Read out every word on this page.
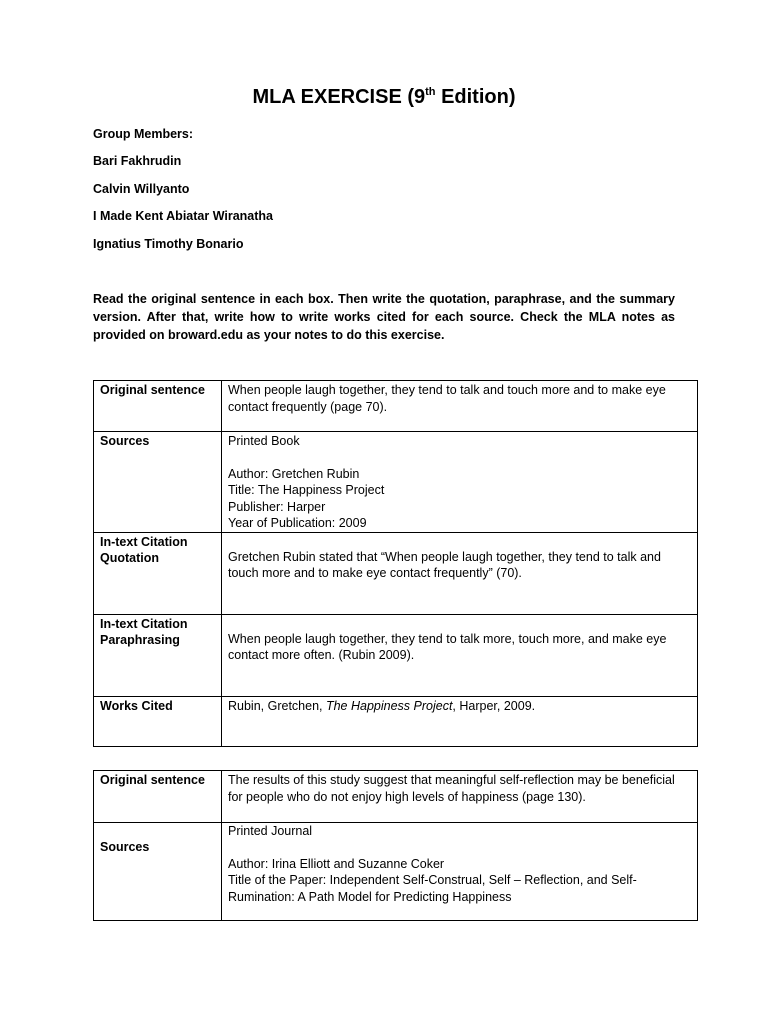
MLA EXERCISE (9th Edition)
Group Members:
Bari Fakhrudin
Calvin Willyanto
I Made Kent Abiatar Wiranatha
Ignatius Timothy Bonario
Read the original sentence in each box. Then write the quotation, paraphrase, and the summary version. After that, write how to write works cited for each source. Check the MLA notes as provided on broward.edu as your notes to do this exercise.
Original sentence	When people laugh together, they tend to talk and touch more and to make eye contact frequently (page 70).
Sources	Printed Book
Author: Gretchen Rubin
Title: The Happiness Project
Publisher: Harper
Year of Publication: 2009

In-text Citation
Quotation	Gretchen Rubin stated that “When people laugh together, they tend to talk and touch more and to make eye contact frequently” (70).

In-text Citation
Paraphrasing	When people laugh together, they tend to talk more, touch more, and make eye contact more often. (Rubin 2009).
Works Cited	Rubin, Gretchen, The Happiness Project, Harper, 2009.
Original sentence	The results of this study suggest that meaningful self-reflection may be beneficial for people who do not enjoy high levels of happiness (page 130).
Sources	Printed Journal
Author: Irina Elliott and Suzanne Coker
Title of the Paper: Independent Self-Construal, Self – Reflection, and Self-Rumination: A Path Model for Predicting Happiness
